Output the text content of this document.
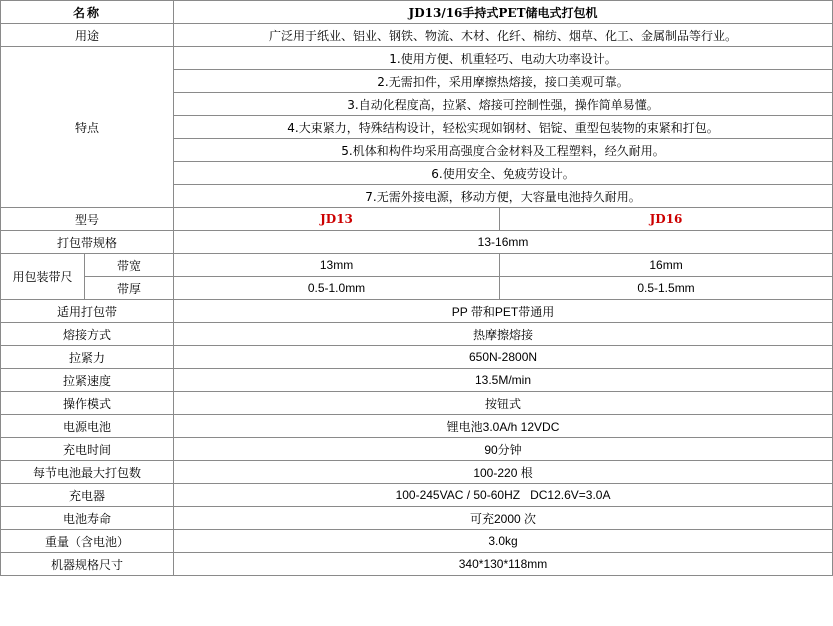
名称		JD13/16手持式PET储电式打包机	
用途		广泛用于纸业、铝业、钢铁、物流、木材、化纤、棉纺、烟草、化工、金属制品等行业。	
特点		1.使用方便、机重轻巧、电动大功率设计。	
		2.无需扣件，采用摩擦热熔接，接口美观可靠。	
		3.自动化程度高，拉紧、熔接可控制性强，操作简单易懂。	
		4.大束紧力，特殊结构设计，轻松实现如钢材、铝锭、重型包装物的束紧和打包。	
		5.机体和构件均采用高强度合金材料及工程塑料，经久耐用。	
		6.使用安全、免疲劳设计。	
		7.无需外接电源，移动方便，大容量电池持久耐用。	
型号		JD13	JD16
打包带规格		13-16mm	
用包装带尺	带宽	13mm	16mm
	带厚	0.5-1.0mm	0.5-1.5mm
适用打包带		PP 带和PET带通用	
熔接方式		热摩擦熔接	
拉紧力		650N-2800N	
拉紧速度		13.5M/min	
操作模式		按钮式	
电源电池		锂电池3.0A/h 12VDC	
充电时间		90分钟	
每节电池最大打包数		100-220 根	
充电器		100-245VAC / 50-60HZ   DC12.6V=3.0A	
电池寿命		可充2000 次	
重量（含电池）		3.0kg	
机器规格尺寸		340*130*118mm	
